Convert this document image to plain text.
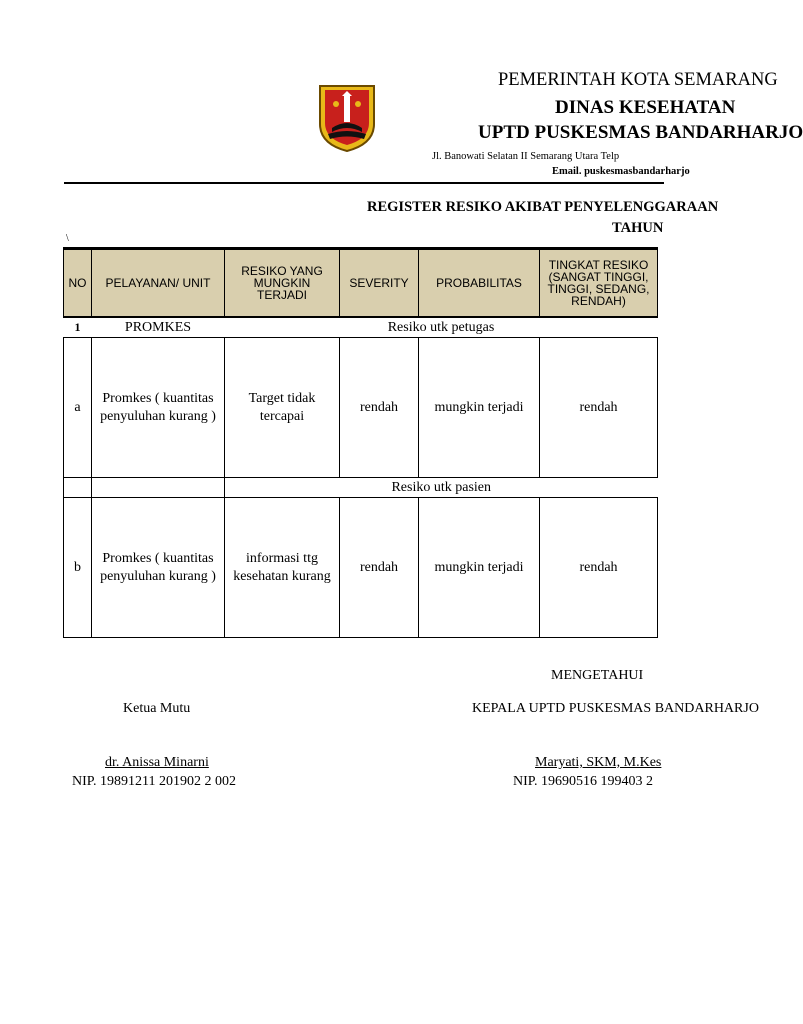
PEMERINTAH KOTA SEMARANG
DINAS KESEHATAN
UPTD PUSKESMAS BANDARHARJO
Jl. Banowati Selatan II Semarang Utara Telp
Email. puskesmasbandarharjo
REGISTER RESIKO AKIBAT PENYELENGGARAAN
TAHUN
\
NO	PELAYANAN/ UNIT	RESIKO YANG MUNGKIN TERJADI	SEVERITY	PROBABILITAS	TINGKAT RESIKO (SANGAT TINGGI, TINGGI, SEDANG, RENDAH)
1	PROMKES	Resiko utk petugas			
a	Promkes ( kuantitas penyuluhan kurang )	Target tidak tercapai	rendah	mungkin terjadi	rendah
		Resiko utk pasien			
b	Promkes ( kuantitas penyuluhan kurang )	informasi ttg kesehatan kurang	rendah	mungkin terjadi	rendah
MENGETAHUI
Ketua Mutu	KEPALA UPTD PUSKESMAS BANDARHARJO
dr. Anissa Minarni	Maryati, SKM, M.Kes
NIP. 19891211 201902 2 002	NIP. 19690516 199403 2
